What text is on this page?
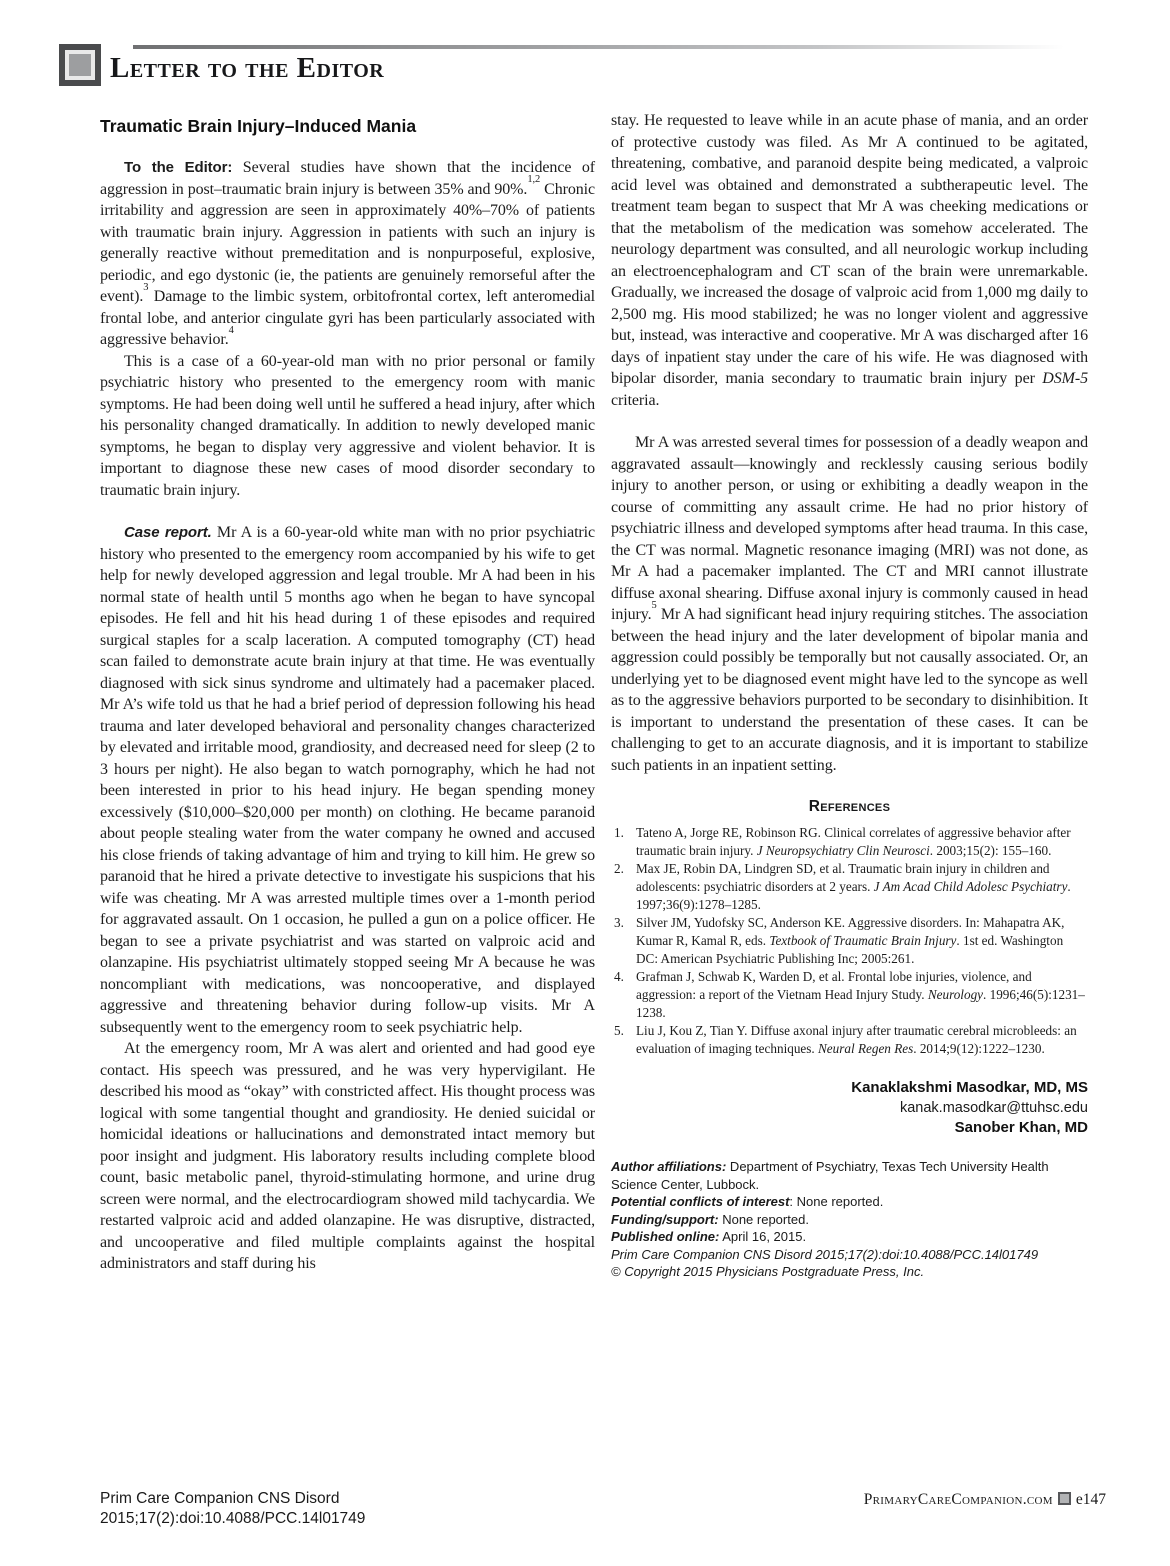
Letter to the Editor
Traumatic Brain Injury–Induced Mania

To the Editor: Several studies have shown that the incidence of aggression in post–traumatic brain injury is between 35% and 90%.$^{1,2}$ Chronic irritability and aggression are seen in approximately 40%–70% of patients with traumatic brain injury. Aggression in patients with such an injury is generally reactive without premeditation and is nonpurposeful, explosive, periodic, and ego dystonic (ie, the patients are genuinely remorseful after the event).$^3$ Damage to the limbic system, orbitofrontal cortex, left anteromedial frontal lobe, and anterior cingulate gyri has been particularly associated with aggressive behavior.$^4$

This is a case of a 60-year-old man with no prior personal or family psychiatric history who presented to the emergency room with manic symptoms. He had been doing well until he suffered a head injury, after which his personality changed dramatically. In addition to newly developed manic symptoms, he began to display very aggressive and violent behavior. It is important to diagnose these new cases of mood disorder secondary to traumatic brain injury.

Case report. Mr A is a 60-year-old white man with no prior psychiatric history who presented to the emergency room accompanied by his wife to get help for newly developed aggression and legal trouble. Mr A had been in his normal state of health until 5 months ago when he began to have syncopal episodes. He fell and hit his head during 1 of these episodes and required surgical staples for a scalp laceration. A computed tomography (CT) head scan failed to demonstrate acute brain injury at that time. He was eventually diagnosed with sick sinus syndrome and ultimately had a pacemaker placed. Mr A’s wife told us that he had a brief period of depression following his head trauma and later developed behavioral and personality changes characterized by elevated and irritable mood, grandiosity, and decreased need for sleep (2 to 3 hours per night). He also began to watch pornography, which he had not been interested in prior to his head injury. He began spending money excessively ($10,000–$20,000 per month) on clothing. He became paranoid about people stealing water from the water company he owned and accused his close friends of taking advantage of him and trying to kill him. He grew so paranoid that he hired a private detective to investigate his suspicions that his wife was cheating. Mr A was arrested multiple times over a 1-month period for aggravated assault. On 1 occasion, he pulled a gun on a police officer. He began to see a private psychiatrist and was started on valproic acid and olanzapine. His psychiatrist ultimately stopped seeing Mr A because he was noncompliant with medications, was noncooperative, and displayed aggressive and threatening behavior during follow-up visits. Mr A subsequently went to the emergency room to seek psychiatric help.

At the emergency room, Mr A was alert and oriented and had good eye contact. His speech was pressured, and he was very hypervigilant. He described his mood as “okay” with constricted affect. His thought process was logical with some tangential thought and grandiosity. He denied suicidal or homicidal ideations or hallucinations and demonstrated intact memory but poor insight and judgment. His laboratory results including complete blood count, basic metabolic panel, thyroid-stimulating hormone, and urine drug screen were normal, and the electrocardiogram showed mild tachycardia. We restarted valproic acid and added olanzapine. He was disruptive, distracted, and uncooperative and filed multiple complaints against the hospital administrators and staff during his

stay. He requested to leave while in an acute phase of mania, and an order of protective custody was filed. As Mr A continued to be agitated, threatening, combative, and paranoid despite being medicated, a valproic acid level was obtained and demonstrated a subtherapeutic level. The treatment team began to suspect that Mr A was cheeking medications or that the metabolism of the medication was somehow accelerated. The neurology department was consulted, and all neurologic workup including an electroencephalogram and CT scan of the brain were unremarkable. Gradually, we increased the dosage of valproic acid from 1,000 mg daily to 2,500 mg. His mood stabilized; he was no longer violent and aggressive but, instead, was interactive and cooperative. Mr A was discharged after 16 days of inpatient stay under the care of his wife. He was diagnosed with bipolar disorder, mania secondary to traumatic brain injury per DSM-5 criteria.

Mr A was arrested several times for possession of a deadly weapon and aggravated assault—knowingly and recklessly causing serious bodily injury to another person, or using or exhibiting a deadly weapon in the course of committing any assault crime. He had no prior history of psychiatric illness and developed symptoms after head trauma. In this case, the CT was normal. Magnetic resonance imaging (MRI) was not done, as Mr A had a pacemaker implanted. The CT and MRI cannot illustrate diffuse axonal shearing. Diffuse axonal injury is commonly caused in head injury.$^5$ Mr A had significant head injury requiring stitches. The association between the head injury and the later development of bipolar mania and aggression could possibly be temporally but not causally associated. Or, an underlying yet to be diagnosed event might have led to the syncope as well as to the aggressive behaviors purported to be secondary to disinhibition. It is important to understand the presentation of these cases. It can be challenging to get to an accurate diagnosis, and it is important to stabilize such patients in an inpatient setting.

References
1. Tateno A, Jorge RE, Robinson RG. Clinical correlates of aggressive behavior after traumatic brain injury. J Neuropsychiatry Clin Neurosci. 2003;15(2): 155–160.
2. Max JE, Robin DA, Lindgren SD, et al. Traumatic brain injury in children and adolescents: psychiatric disorders at 2 years. J Am Acad Child Adolesc Psychiatry. 1997;36(9):1278–1285.
3. Silver JM, Yudofsky SC, Anderson KE. Aggressive disorders. In: Mahapatra AK, Kumar R, Kamal R, eds. Textbook of Traumatic Brain Injury. 1st ed. Washington DC: American Psychiatric Publishing Inc; 2005:261.
4. Grafman J, Schwab K, Warden D, et al. Frontal lobe injuries, violence, and aggression: a report of the Vietnam Head Injury Study. Neurology. 1996;46(5):1231–1238.
5. Liu J, Kou Z, Tian Y. Diffuse axonal injury after traumatic cerebral microbleeds: an evaluation of imaging techniques. Neural Regen Res. 2014;9(12):1222–1230.
Kanaklakshmi Masodkar, MD, MS
kanak.masodkar@ttuhsc.edu
Sanober Khan, MD
Author affiliations: Department of Psychiatry, Texas Tech University Health Science Center, Lubbock.
Potential conflicts of interest: None reported.
Funding/support: None reported.
Published online: April 16, 2015.
Prim Care Companion CNS Disord 2015;17(2):doi:10.4088/PCC.14l01749
© Copyright 2015 Physicians Postgraduate Press, Inc.
Prim Care Companion CNS Disord
2015;17(2):doi:10.4088/PCC.14l01749
PrimaryCareCompanion.com e147
